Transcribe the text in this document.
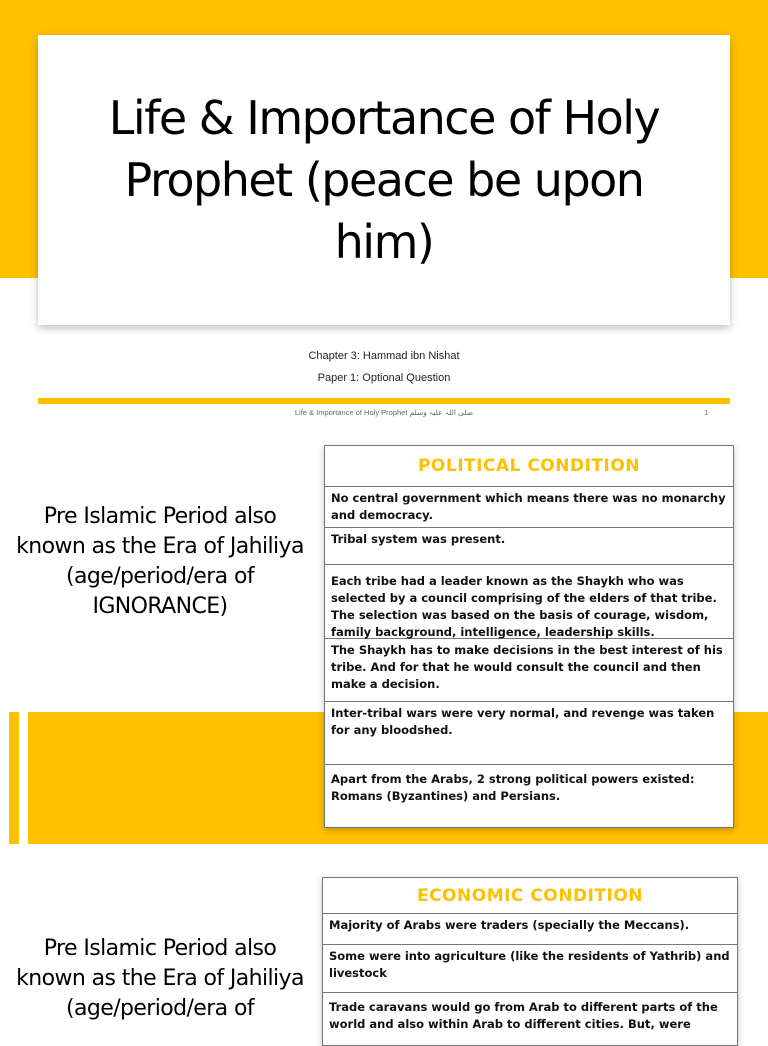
Life & Importance of Holy Prophet (peace be upon him)
Chapter 3: Hammad ibn Nishat
Paper 1: Optional Question
Life & Importance of Holy Prophet صلی اللہ علیہ وسلم	1

Pre Islamic Period also known as the Era of Jahiliya (age/period/era of IGNORANCE)

POLITICAL CONDITION
No central government which means there was no monarchy and democracy.
Tribal system was present.
Each tribe had a leader known as the Shaykh who was selected by a council comprising of the elders of that tribe. The selection was based on the basis of courage, wisdom, family background, intelligence, leadership skills.
The Shaykh has to make decisions in the best interest of his tribe. And for that he would consult the council and then make a decision.
Inter-tribal wars were very normal, and revenge was taken for any bloodshed.
Apart from the Arabs, 2 strong political powers existed: Romans (Byzantines) and Persians.

Pre Islamic Period also known as the Era of Jahiliya (age/period/era of

ECONOMIC CONDITION
Majority of Arabs were traders (specially the Meccans).
Some were into agriculture (like the residents of Yathrib) and livestock
Trade caravans would go from Arab to different parts of the world and also within Arab to different cities. But, were
